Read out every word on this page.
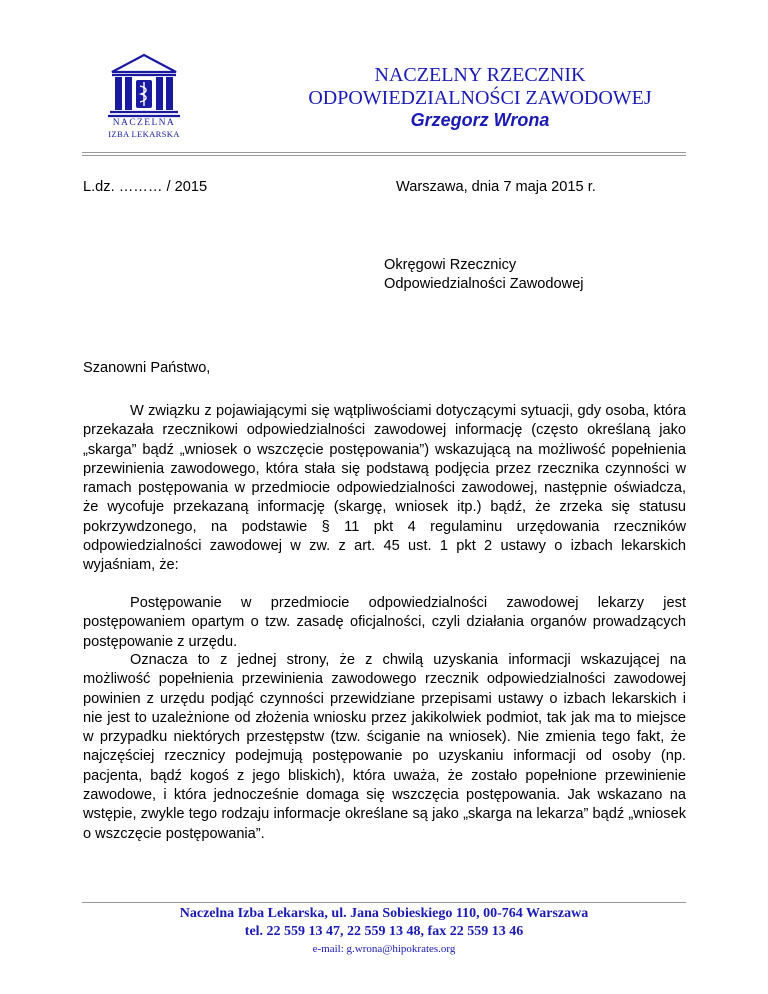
NACZELNA
IZBA LEKARSKA
NACZELNY RZECZNIK
ODPOWIEDZIALNOŚCI ZAWODOWEJ
Grzegorz Wrona
L.dz. ……… / 2015	Warszawa, dnia 7 maja 2015 r.
Okręgowi Rzecznicy
Odpowiedzialności Zawodowej
Szanowni Państwo,

W związku z pojawiającymi się wątpliwościami dotyczącymi sytuacji, gdy osoba, która przekazała rzecznikowi odpowiedzialności zawodowej informację (często określaną jako „skarga” bądź „wniosek o wszczęcie postępowania”) wskazującą na możliwość popełnienia przewinienia zawodowego, która stała się podstawą podjęcia przez rzecznika czynności w ramach postępowania w przedmiocie odpowiedzialności zawodowej, następnie oświadcza, że wycofuje przekazaną informację (skargę, wniosek itp.) bądź, że zrzeka się statusu pokrzywdzonego, na podstawie § 11 pkt 4 regulaminu urzędowania rzeczników odpowiedzialności zawodowej w zw. z art. 45 ust. 1 pkt 2 ustawy o izbach lekarskich wyjaśniam, że:

Postępowanie w przedmiocie odpowiedzialności zawodowej lekarzy jest postępowaniem opartym o tzw. zasadę oficjalności, czyli działania organów prowadzących postępowanie z urzędu.

Oznacza to z jednej strony, że z chwilą uzyskania informacji wskazującej na możliwość popełnienia przewinienia zawodowego rzecznik odpowiedzialności zawodowej powinien z urzędu podjąć czynności przewidziane przepisami ustawy o izbach lekarskich i nie jest to uzależnione od złożenia wniosku przez jakikolwiek podmiot, tak jak ma to miejsce w przypadku niektórych przestępstw (tzw. ściganie na wniosek). Nie zmienia tego fakt, że najczęściej rzecznicy podejmują postępowanie po uzyskaniu informacji od osoby (np. pacjenta, bądź kogoś z jego bliskich), która uważa, że zostało popełnione przewinienie zawodowe, i która jednocześnie domaga się wszczęcia postępowania. Jak wskazano na wstępie, zwykle tego rodzaju informacje określane są jako „skarga na lekarza” bądź „wniosek o wszczęcie postępowania”.

Naczelna Izba Lekarska, ul. Jana Sobieskiego 110, 00-764 Warszawa
tel. 22 559 13 47, 22 559 13 48, fax 22 559 13 46
e-mail: g.wrona@hipokrates.org
